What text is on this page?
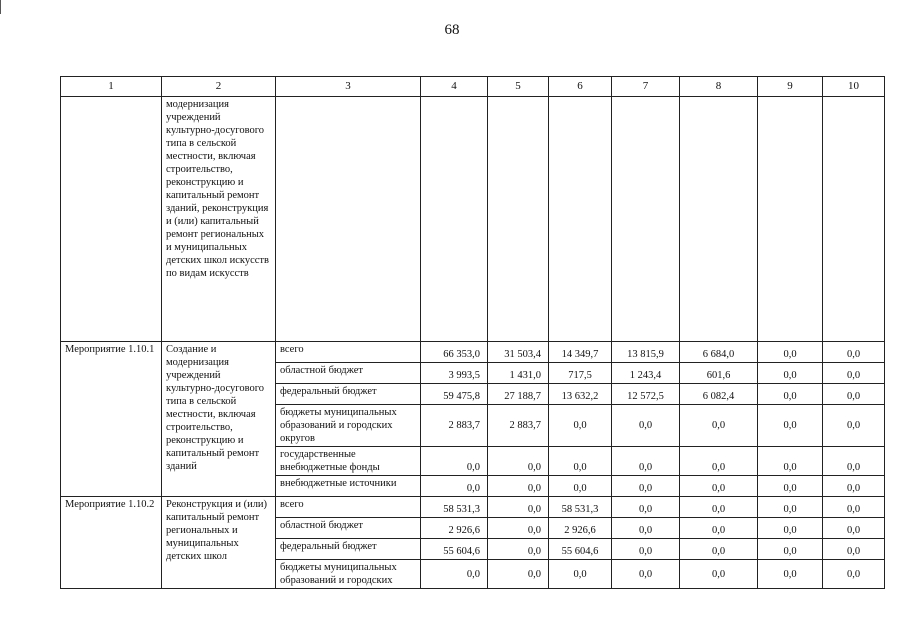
68
1	2	3	4	5	6	7	8	9	10
	модернизация учреждений культурно-досугового типа в сельской местности, включая строительство, реконструкцию и капитальный ремонт зданий, реконструкция и (или) капитальный ремонт региональных и муниципальных детских школ искусств по видам искусств								
Мероприятие 1.10.1	Создание и модернизация учреждений культурно-досугового типа в сельской местности, включая строительство, реконструкцию и капитальный ремонт зданий	всего	66 353,0	31 503,4	14 349,7	13 815,9	6 684,0	0,0	0,0
		областной бюджет	3 993,5	1 431,0	717,5	1 243,4	601,6	0,0	0,0
		федеральный бюджет	59 475,8	27 188,7	13 632,2	12 572,5	6 082,4	0,0	0,0
		бюджеты муниципальных образований и городских округов	2 883,7	2 883,7	0,0	0,0	0,0	0,0	0,0
		государственные внебюджетные фонды	0,0	0,0	0,0	0,0	0,0	0,0	0,0
		внебюджетные источники	0,0	0,0	0,0	0,0	0,0	0,0	0,0
Мероприятие 1.10.2	Реконструкция и (или) капитальный ремонт региональных и муниципальных детских школ	всего	58 531,3	0,0	58 531,3	0,0	0,0	0,0	0,0
		областной бюджет	2 926,6	0,0	2 926,6	0,0	0,0	0,0	0,0
		федеральный бюджет	55 604,6	0,0	55 604,6	0,0	0,0	0,0	0,0
		бюджеты муниципальных образований и городских	0,0	0,0	0,0	0,0	0,0	0,0	0,0
